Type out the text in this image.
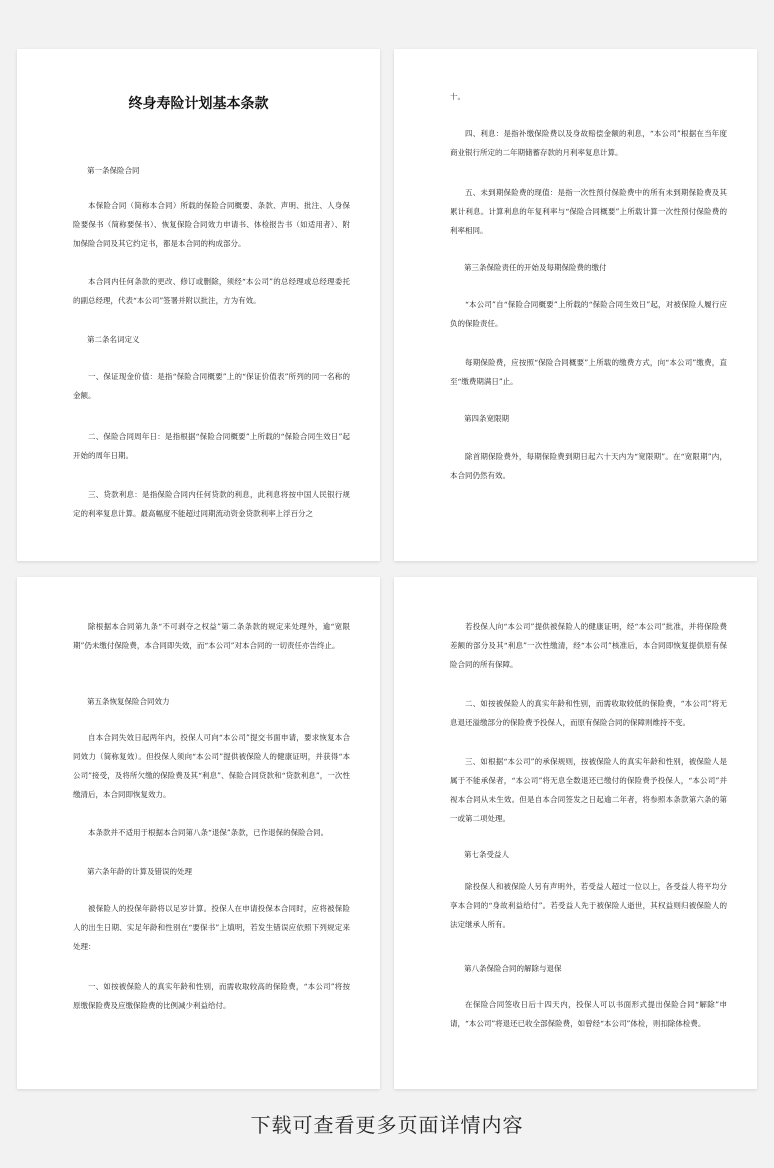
终身寿险计划基本条款
第一条保险合同
本保险合同（简称本合同）所载的保险合同概要、条款、声明、批注、人身保险要保书（简称要保书）、恢复保险合同效力申请书、体检报告书（如适用者）、附加保险合同及其它约定书，都是本合同的构成部分。
本合同内任何条款的更改、修订或删除，须经“本公司”的总经理或总经理委托的副总经理，代表“本公司”签署并附以批注，方为有效。
第二条名词定义
一、保证现金价值：是指“保险合同概要”上的“保证价值表”所列的同一名称的金额。
二、保险合同周年日：是指根据“保险合同概要”上所载的“保险合同生效日”起开始的周年日期。
三、贷款利息：是指保险合同内任何贷款的利息，此利息将按中国人民银行规定的利率复息计算。最高幅度不能超过同期流动资金贷款利率上浮百分之
十。
四、利息：是指补缴保险费以及身故赔偿金额的利息，“本公司”根据在当年度商业银行所定的二年期储蓄存款的月利率复息计算。
五、未到期保险费的现值：是指一次性预付保险费中的所有未到期保险费及其累计利息。计算利息的年复利率与“保险合同概要”上所载计算一次性预付保险费的利率相同。
第三条保险责任的开始及每期保险费的缴付
“本公司”自“保险合同概要”上所载的“保险合同生效日”起，对被保险人履行应负的保险责任。
每期保险费，应按照“保险合同概要”上所载的缴费方式，向“本公司”缴费，直至“缴费期满日”止。
第四条宽限期
除首期保险费外，每期保险费到期日起六十天内为“宽限期”。在“宽限期”内，本合同仍然有效。
除根据本合同第九条“不可剥夺之权益”第二条条款的规定来处理外，逾“宽限期”仍未缴付保险费，本合同即失效，而“本公司”对本合同的一切责任亦告终止。
第五条恢复保险合同效力
自本合同失效日起两年内，投保人可向“本公司”提交书面申请，要求恢复本合同效力（简称复效）。但投保人须向“本公司”提供被保险人的健康证明，并获得“本公司”接受，及将所欠缴的保险费及其“利息”、保险合同贷款和“贷款利息”，一次性缴清后，本合同即恢复效力。
本条款并不适用于根据本合同第八条“退保”条款，已作退保的保险合同。
第六条年龄的计算及错误的处理
被保险人的投保年龄将以足岁计算。投保人在申请投保本合同时，应将被保险人的出生日期、实足年龄和性别在“要保书”上填明，若发生错误应依照下列规定来处理：
一、如按被保险人的真实年龄和性别，而需收取较高的保险费，“本公司”将按原缴保险费及应缴保险费的比例减少利益给付。
若投保人向“本公司”提供被保险人的健康证明，经“本公司”批准，并将保险费差额的部分及其“利息”一次性缴清，经“本公司”核准后，本合同即恢复提供原有保险合同的所有保障。
二、如按被保险人的真实年龄和性别，而需收取较低的保险费，“本公司”将无息退还溢缴部分的保险费予投保人，而原有保险合同的保障则维持不变。
三、如根据“本公司”的承保规则，按被保险人的真实年龄和性别，被保险人是属于不能承保者，“本公司”将无息全数退还已缴付的保险费予投保人，“本公司”并视本合同从未生效。但是自本合同签发之日起逾二年者，将参照本条款第六条的第一或第二项处理。
第七条受益人
除投保人和被保险人另有声明外，若受益人超过一位以上，各受益人将平均分享本合同的“身故利益给付”。若受益人先于被保险人逝世，其权益则归被保险人的法定继承人所有。
第八条保险合同的解除与退保
在保险合同签收日后十四天内，投保人可以书面形式提出保险合同“解除”申请，“本公司”将退还已收全部保险费，如曾经“本公司”体检，则扣除体检费。
下载可查看更多页面详情内容
